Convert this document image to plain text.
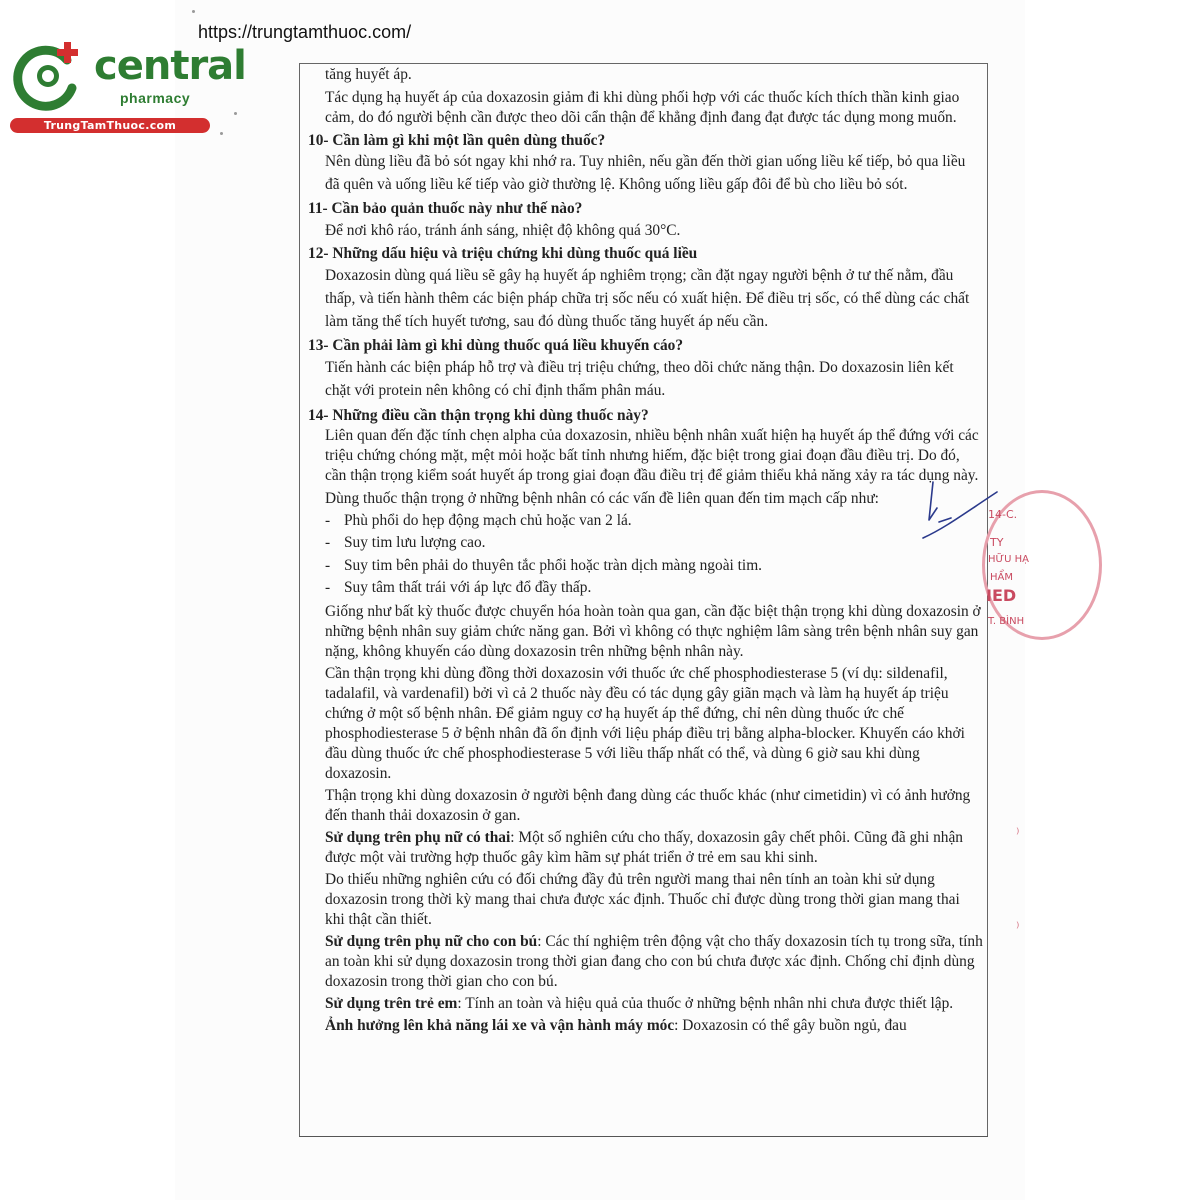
central
pharmacy
TrungTamThuoc.com
https://trungtamthuoc.com/

tăng huyết áp.

Tác dụng hạ huyết áp của doxazosin giảm đi khi dùng phối hợp với các thuốc kích thích thần kinh giao cảm, do đó người bệnh cần được theo dõi cẩn thận để khẳng định đang đạt được tác dụng mong muốn.

10- Cần làm gì khi một lần quên dùng thuốc?

Nên dùng liều đã bỏ sót ngay khi nhớ ra. Tuy nhiên, nếu gần đến thời gian uống liều kế tiếp, bỏ qua liều đã quên và uống liều kế tiếp vào giờ thường lệ. Không uống liều gấp đôi để bù cho liều bỏ sót.

11- Cần bảo quản thuốc này như thế nào?

Để nơi khô ráo, tránh ánh sáng, nhiệt độ không quá 30°C.

12- Những dấu hiệu và triệu chứng khi dùng thuốc quá liều

Doxazosin dùng quá liều sẽ gây hạ huyết áp nghiêm trọng; cần đặt ngay người bệnh ở tư thế nằm, đầu thấp, và tiến hành thêm các biện pháp chữa trị sốc nếu có xuất hiện. Để điều trị sốc, có thể dùng các chất làm tăng thể tích huyết tương, sau đó dùng thuốc tăng huyết áp nếu cần.

13- Cần phải làm gì khi dùng thuốc quá liều khuyến cáo?

Tiến hành các biện pháp hỗ trợ và điều trị triệu chứng, theo dõi chức năng thận. Do doxazosin liên kết chặt với protein nên không có chỉ định thẩm phân máu.

14- Những điều cần thận trọng khi dùng thuốc này?

Liên quan đến đặc tính chẹn alpha của doxazosin, nhiều bệnh nhân xuất hiện hạ huyết áp thể đứng với các triệu chứng chóng mặt, mệt mỏi hoặc bất tỉnh nhưng hiếm, đặc biệt trong giai đoạn đầu điều trị. Do đó, cần thận trọng kiểm soát huyết áp trong giai đoạn đầu điều trị để giảm thiểu khả năng xảy ra tác dụng này.

Dùng thuốc thận trọng ở những bệnh nhân có các vấn đề liên quan đến tim mạch cấp như:

- Phù phổi do hẹp động mạch chủ hoặc van 2 lá.
- Suy tim lưu lượng cao.
- Suy tim bên phải do thuyên tắc phổi hoặc tràn dịch màng ngoài tim.
- Suy tâm thất trái với áp lực đổ đầy thấp.

Giống như bất kỳ thuốc được chuyển hóa hoàn toàn qua gan, cần đặc biệt thận trọng khi dùng doxazosin ở những bệnh nhân suy giảm chức năng gan. Bởi vì không có thực nghiệm lâm sàng trên bệnh nhân suy gan nặng, không khuyến cáo dùng doxazosin trên những bệnh nhân này.

Cần thận trọng khi dùng đồng thời doxazosin với thuốc ức chế phosphodiesterase 5 (ví dụ: sildenafil, tadalafil, và vardenafil) bởi vì cả 2 thuốc này đều có tác dụng gây giãn mạch và làm hạ huyết áp triệu chứng ở một số bệnh nhân. Để giảm nguy cơ hạ huyết áp thể đứng, chỉ nên dùng thuốc ức chế phosphodiesterase 5 ở bệnh nhân đã ổn định với liệu pháp điều trị bằng alpha-blocker. Khuyến cáo khởi đầu dùng thuốc ức chế phosphodiesterase 5 với liều thấp nhất có thể, và dùng 6 giờ sau khi dùng doxazosin.

Thận trọng khi dùng doxazosin ở người bệnh đang dùng các thuốc khác (như cimetidin) vì có ảnh hưởng đến thanh thải doxazosin ở gan.

Sử dụng trên phụ nữ có thai: Một số nghiên cứu cho thấy, doxazosin gây chết phôi. Cũng đã ghi nhận được một vài trường hợp thuốc gây kìm hãm sự phát triển ở trẻ em sau khi sinh.

Do thiếu những nghiên cứu có đối chứng đầy đủ trên người mang thai nên tính an toàn khi sử dụng doxazosin trong thời kỳ mang thai chưa được xác định. Thuốc chỉ được dùng trong thời gian mang thai khi thật cần thiết.

Sử dụng trên phụ nữ cho con bú: Các thí nghiệm trên động vật cho thấy doxazosin tích tụ trong sữa, tính an toàn khi sử dụng doxazosin trong thời gian đang cho con bú chưa được xác định. Chống chỉ định dùng doxazosin trong thời gian cho con bú.

Sử dụng trên trẻ em: Tính an toàn và hiệu quả của thuốc ở những bệnh nhân nhi chưa được thiết lập.

Ảnh hưởng lên khả năng lái xe và vận hành máy móc: Doxazosin có thể gây buồn ngủ, đau

14-C.
TY
HỮU HẠ
HẨM
IED
T. BÌNH
⁾
⁾
